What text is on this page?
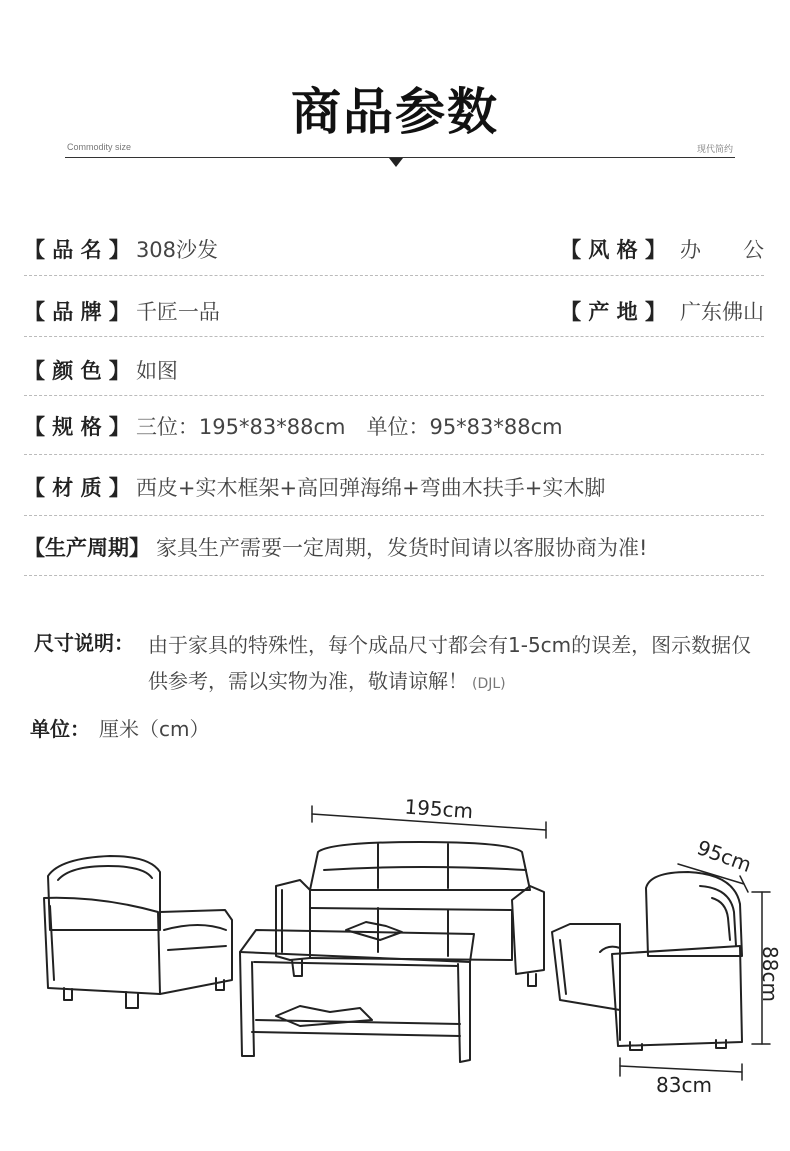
商品参数
Commodity size	现代简约
【 品 名 】 308沙发	【 风 格 】 办　　公
【 品 牌 】 千匠一品	【 产 地 】 广东佛山
【 颜 色 】 如图
【 规 格 】 三位：195*83*88cm　单位：95*83*88cm
【 材 质 】 西皮+实木框架+高回弹海绵+弯曲木扶手+实木脚
【生产周期】 家具生产需要一定周期，发货时间请以客服协商为准!
尺寸说明： 由于家具的特殊性，每个成品尺寸都会有1-5cm的误差，图示数据仅供参考，需以实物为准，敬请谅解！ (DJL)
单位： 厘米（cm）
195cm
95cm
88cm
83cm
